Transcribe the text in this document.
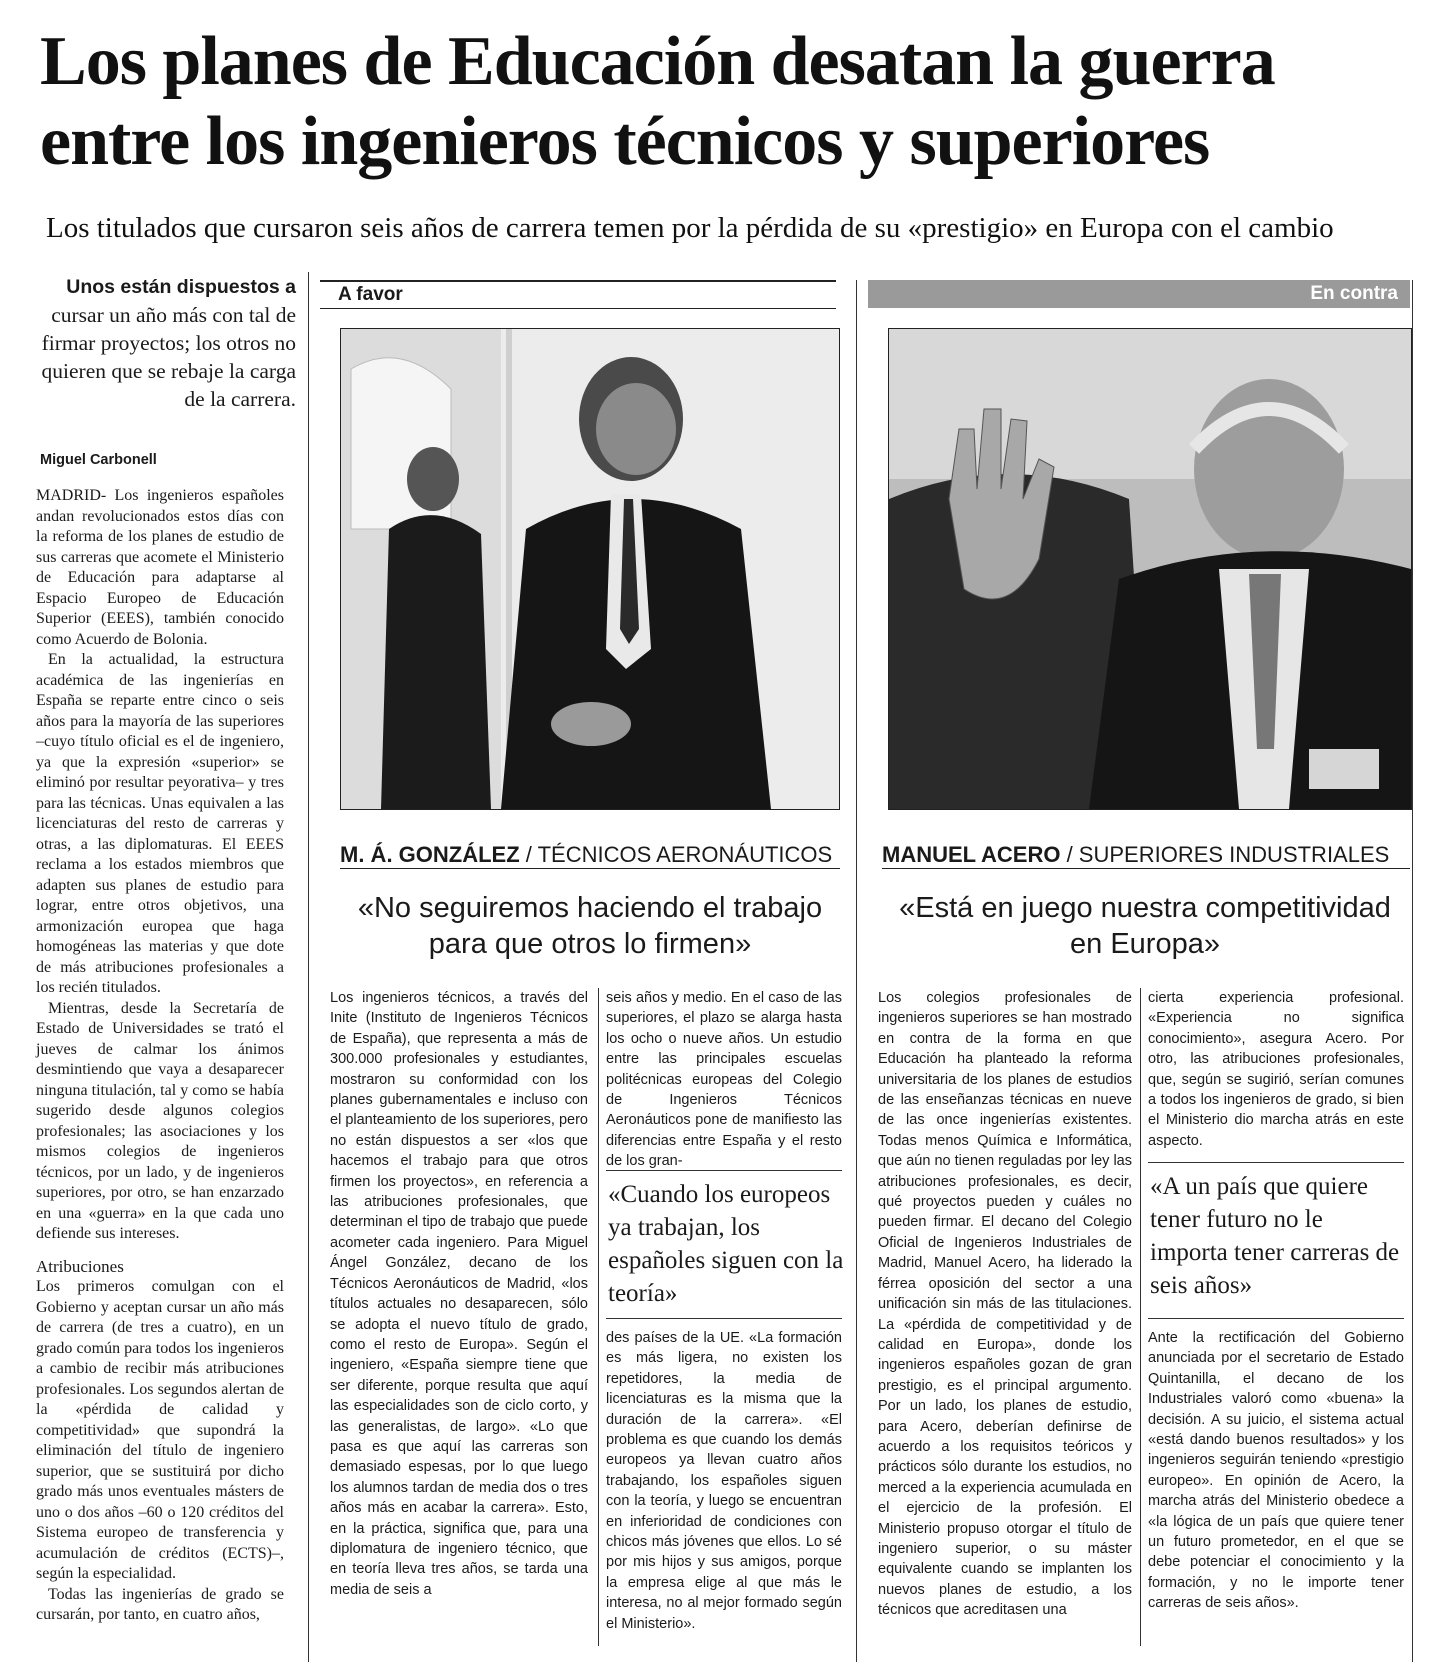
Los planes de Educación desatan la guerra
entre los ingenieros técnicos y superiores
Los titulados que cursaron seis años de carrera temen por la pérdida de su «prestigio» en Europa con el cambio
Unos están dispuestos a cursar un año más con tal de firmar proyectos; los otros no quieren que se rebaje la carga de la carrera.
Miguel Carbonell

MADRID- Los ingenieros españoles andan revolucionados estos días con la reforma de los planes de estudio de sus carreras que acomete el Ministerio de Educación para adaptarse al Espacio Europeo de Educación Superior (EEES), también conocido como Acuerdo de Bolonia.

En la actualidad, la estructura académica de las ingenierías en España se reparte entre cinco o seis años para la mayoría de las superiores –cuyo título oficial es el de ingeniero, ya que la expresión «superior» se eliminó por resultar peyorativa– y tres para las técnicas. Unas equivalen a las licenciaturas del resto de carreras y otras, a las diplomaturas. El EEES reclama a los estados miembros que adapten sus planes de estudio para lograr, entre otros objetivos, una armonización europea que haga homogéneas las materias y que dote de más atribuciones profesionales a los recién titulados.

Mientras, desde la Secretaría de Estado de Universidades se trató el jueves de calmar los ánimos desmintiendo que vaya a desaparecer ninguna titulación, tal y como se había sugerido desde algunos colegios profesionales; las asociaciones y los mismos colegios de ingenieros técnicos, por un lado, y de ingenieros superiores, por otro, se han enzarzado en una «guerra» en la que cada uno defiende sus intereses.

Atribuciones

Los primeros comulgan con el Gobierno y aceptan cursar un año más de carrera (de tres a cuatro), en un grado común para todos los ingenieros a cambio de recibir más atribuciones profesionales. Los segundos alertan de la «pérdida de calidad y competitividad» que supondrá la eliminación del título de ingeniero superior, que se sustituirá por dicho grado más unos eventuales másters de uno o dos años –60 o 120 créditos del Sistema europeo de transferencia y acumulación de créditos (ECTS)–, según la especialidad.

Todas las ingenierías de grado se cursarán, por tanto, en cuatro años,

A favor	En contra
M. Á. GONZÁLEZ / TÉCNICOS AERONÁUTICOS	MANUEL ACERO / SUPERIORES INDUSTRIALES
«No seguiremos haciendo el trabajo para que otros lo firmen»
«Está en juego nuestra competitividad en Europa»
Los ingenieros técnicos, a través del Inite (Instituto de Ingenieros Técnicos de España), que representa a más de 300.000 profesionales y estudiantes, mostraron su conformidad con los planes gubernamentales e incluso con el planteamiento de los superiores, pero no están dispuestos a ser «los que hacemos el trabajo para que otros firmen los proyectos», en referencia a las atribuciones profesionales, que determinan el tipo de trabajo que puede acometer cada ingeniero. Para Miguel Ángel González, decano de los Técnicos Aeronáuticos de Madrid, «los títulos actuales no desaparecen, sólo se adopta el nuevo título de grado, como el resto de Europa». Según el ingeniero, «España siempre tiene que ser diferente, porque resulta que aquí las especialidades son de ciclo corto, y las generalistas, de largo». «Lo que pasa es que aquí las carreras son demasiado espesas, por lo que luego los alumnos tardan de media dos o tres años más en acabar la carrera». Esto, en la práctica, significa que, para una diplomatura de ingeniero técnico, que en teoría lleva tres años, se tarda una media de seis a
seis años y medio. En el caso de las superiores, el plazo se alarga hasta los ocho o nueve años. Un estudio entre las principales escuelas politécnicas europeas del Colegio de Ingenieros Técnicos Aeronáuticos pone de manifiesto las diferencias entre España y el resto de los gran-
«Cuando los europeos ya trabajan, los españoles siguen con la teoría»
des países de la UE. «La formación es más ligera, no existen los repetidores, la media de licenciaturas es la misma que la duración de la carrera». «El problema es que cuando los demás europeos ya llevan cuatro años trabajando, los españoles siguen con la teoría, y luego se encuentran en inferioridad de condiciones con chicos más jóvenes que ellos. Lo sé por mis hijos y sus amigos, porque la empresa elige al que más le interesa, no al mejor formado según el Ministerio».
Los colegios profesionales de ingenieros superiores se han mostrado en contra de la forma en que Educación ha planteado la reforma universitaria de los planes de estudios de las enseñanzas técnicas en nueve de las once ingenierías existentes. Todas menos Química e Informática, que aún no tienen reguladas por ley las atribuciones profesionales, es decir, qué proyectos pueden y cuáles no pueden firmar. El decano del Colegio Oficial de Ingenieros Industriales de Madrid, Manuel Acero, ha liderado la férrea oposición del sector a una unificación sin más de las titulaciones. La «pérdida de competitividad y de calidad en Europa», donde los ingenieros españoles gozan de gran prestigio, es el principal argumento. Por un lado, los planes de estudio, para Acero, deberían definirse de acuerdo a los requisitos teóricos y prácticos sólo durante los estudios, no merced a la experiencia acumulada en el ejercicio de la profesión. El Ministerio propuso otorgar el título de ingeniero superior, o su máster equivalente cuando se implanten los nuevos planes de estudio, a los técnicos que acreditasen una
cierta experiencia profesional. «Experiencia no significa conocimiento», asegura Acero. Por otro, las atribuciones profesionales, que, según se sugirió, serían comunes a todos los ingenieros de grado, si bien el Ministerio dio marcha atrás en este aspecto.
«A un país que quiere tener futuro no le importa tener carreras de seis años»
Ante la rectificación del Gobierno anunciada por el secretario de Estado Quintanilla, el decano de los Industriales valoró como «buena» la decisión. A su juicio, el sistema actual «está dando buenos resultados» y los ingenieros seguirán teniendo «prestigio europeo». En opinión de Acero, la marcha atrás del Ministerio obedece a «la lógica de un país que quiere tener un futuro prometedor, en el que se debe potenciar el conocimiento y la formación, y no le importe tener carreras de seis años».
